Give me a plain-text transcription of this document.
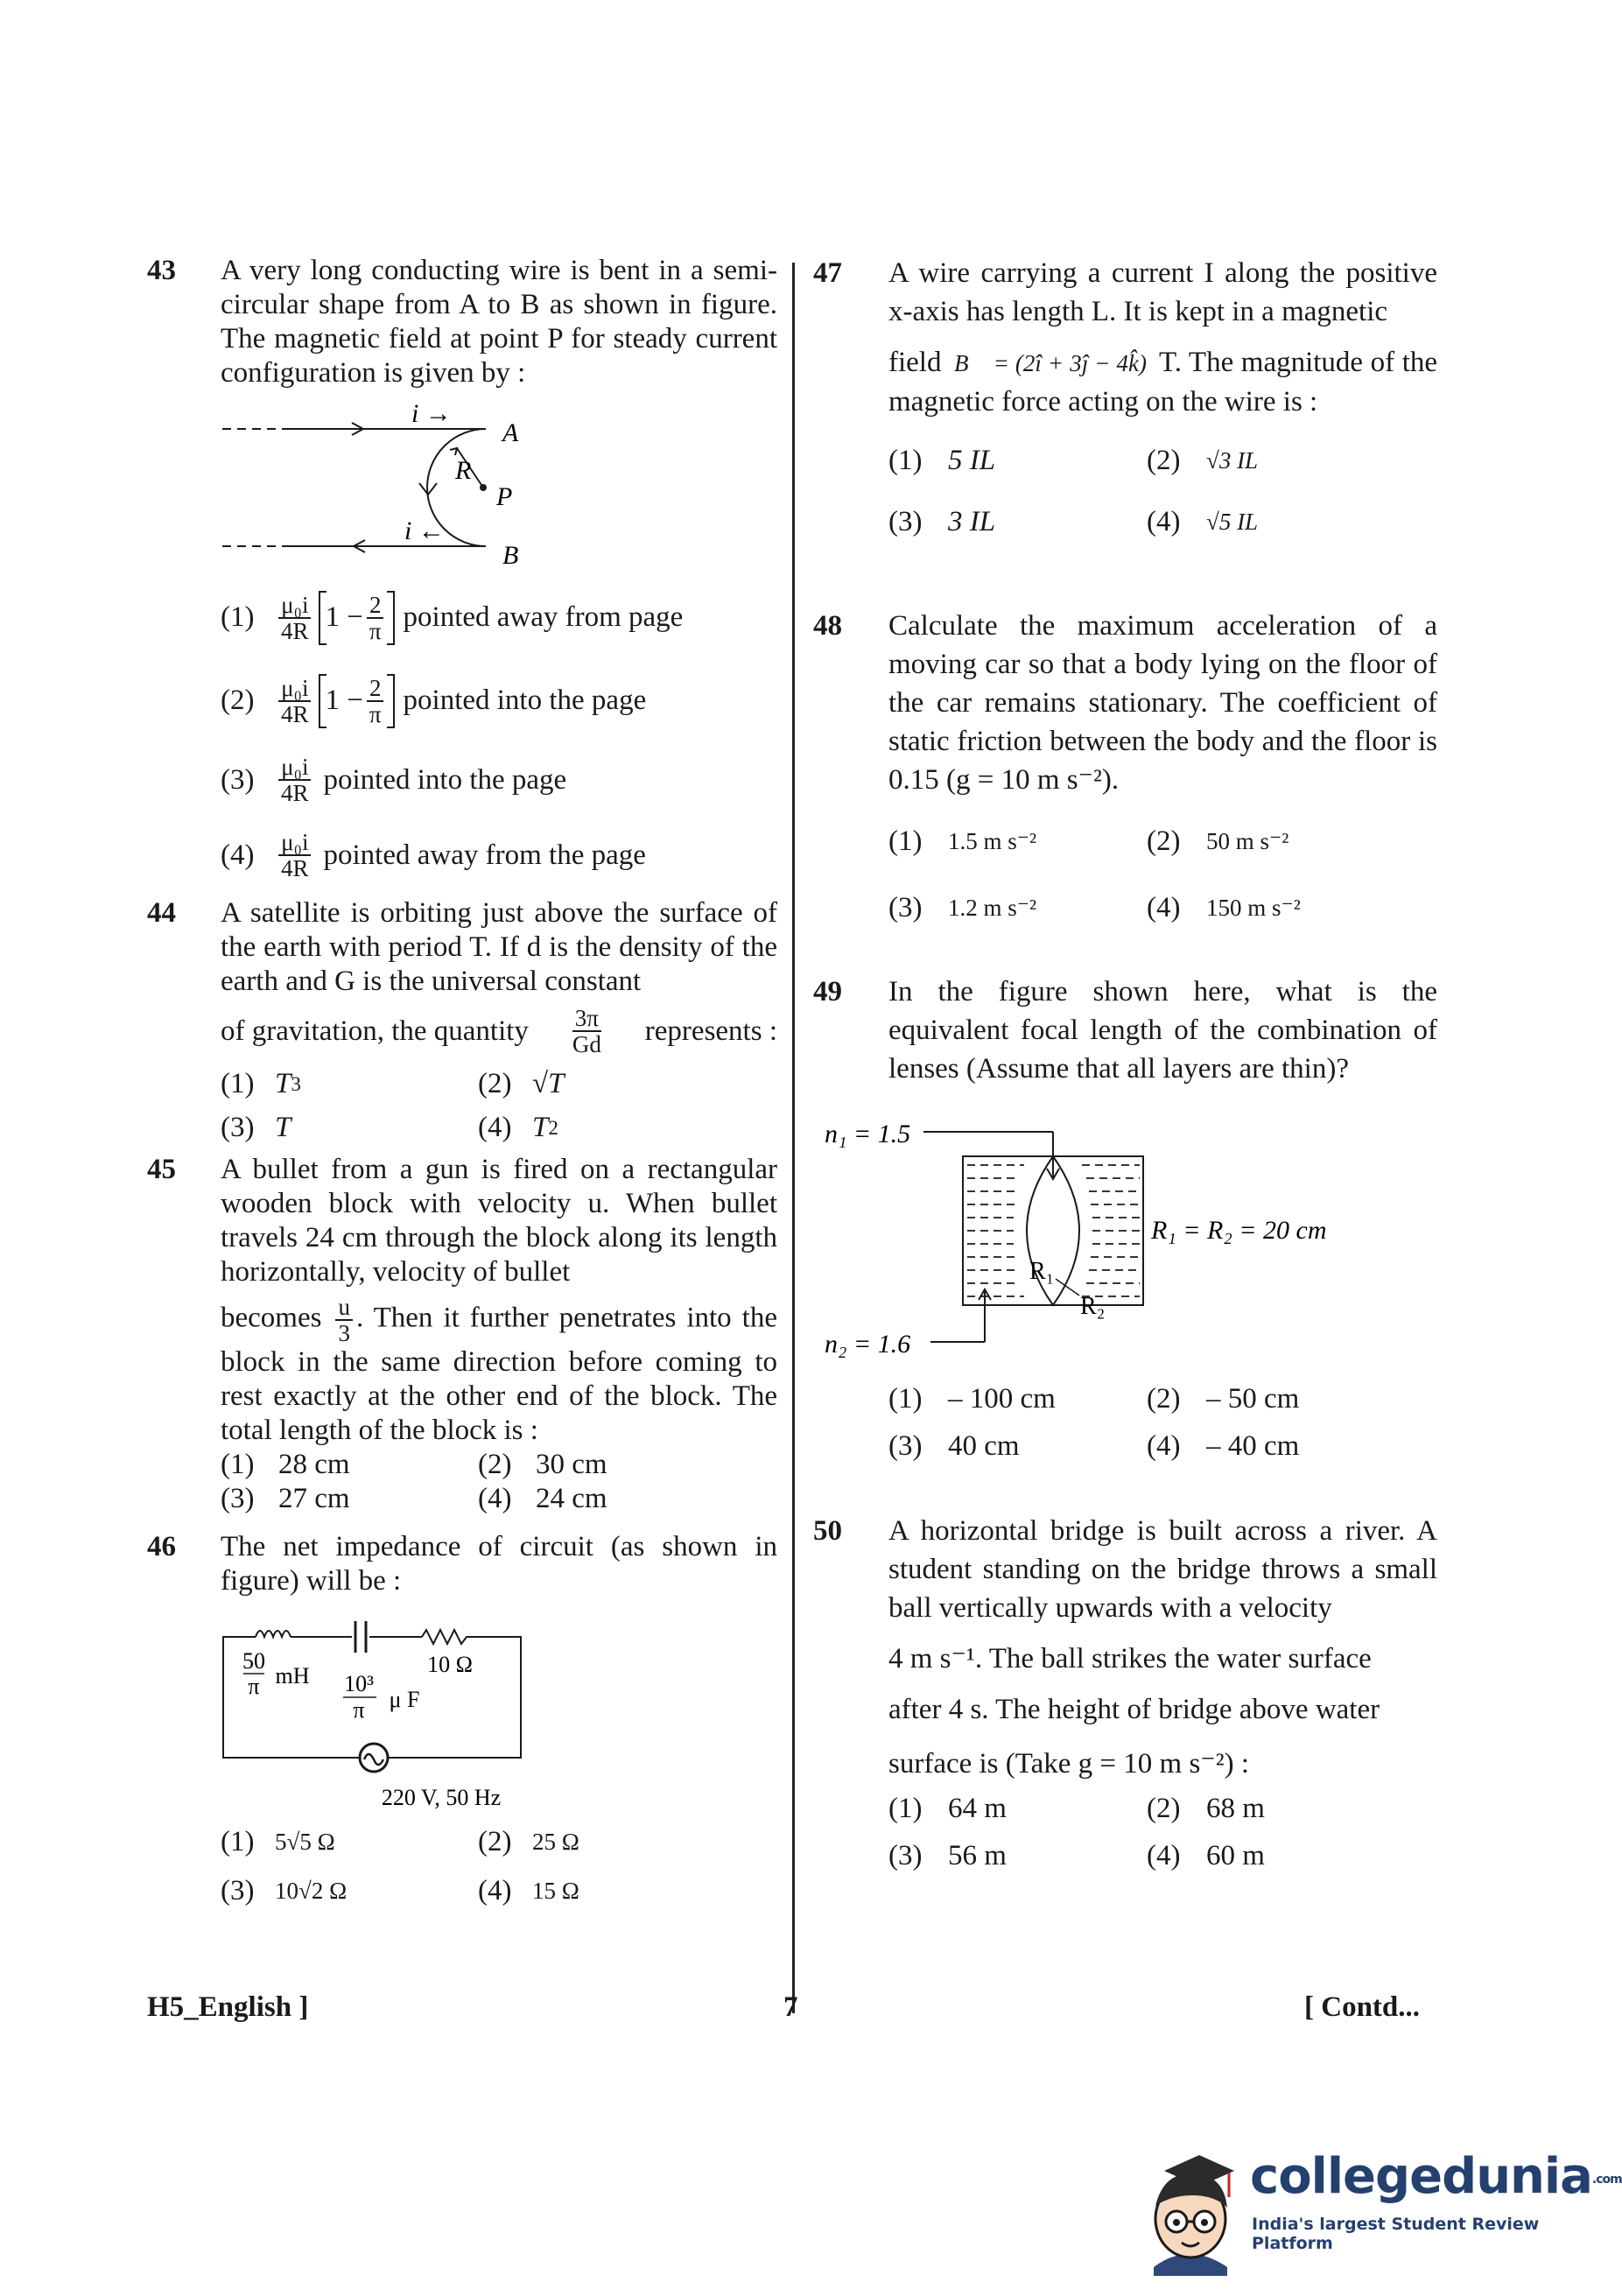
43 A very long conducting wire is bent in a semi-circular shape from A to B as shown in figure. The magnetic field at point P for steady current configuration is given by :
i →
i ←
A
B
R
P
(1)	$\frac{\text{μ₀i}}{4R} 1 - \frac{2}{\pi}$ pointed away from page
(2)	$\frac{\text{μ₀i}}{4R} 1 - \frac{2}{\pi}$ pointed into the page
(3)	$\frac{\text{μ₀i}}{4R}$ pointed into the page
(4)	$\frac{\text{μ₀i}}{4R}$ pointed away from the page
44 A satellite is orbiting just above the surface of the earth with period T. If d is the density of the earth and G is the universal constant
of gravitation, the quantity $\frac{3\pi}{Gd}$ represents :
(1) T 3	(2) √T
(3) T	(4) T 2
45 A bullet from a gun is fired on a rectangular wooden block with velocity u. When bullet travels 24 cm through the block along its length horizontally, velocity of bullet
becomes $\frac{u}{3}$ . Then it further penetrates into the block in the same direction before coming to rest exactly at the other end of the block. The total length of the block is :
(1) 28 cm	(2) 30 cm
(3) 27 cm	(4) 24 cm
46 The net impedance of circuit (as shown in figure) will be :
50
π mH 10³
π μ F
10 Ω
220 V, 50 Hz
(1) 5√5 Ω	(2) 25 Ω
(3) 10√2 Ω	(4) 15 Ω
47 A wire carrying a current I along the positive x-axis has length L. It is kept in a magnetic
field B⃗ = (2î + 3ĵ − 4k̂) T. The magnitude of the magnetic force acting on the wire is :
(1) 5 IL	(2)	√3 IL
(3) 3 IL	(4)	√5 IL
48 Calculate the maximum acceleration of a moving car so that a body lying on the floor of the car remains stationary. The coefficient of static friction between the body and the floor is 0.15 (g = 10 m s⁻²).
(1)	1.5 m s⁻²	(2)	50 m s⁻²
(3)	1.2 m s⁻²	(4)	150 m s⁻²
49 In the figure shown here, what is the equivalent focal length of the combination of lenses (Assume that all layers are thin)?
n₁ = 1.5
n₂ = 1.6
R₁ = R₂ = 20 cm
R₁
R₂
(1) – 100 cm	(2) – 50 cm
(3) 40 cm	(4) – 40 cm
50 A horizontal bridge is built across a river. A student standing on the bridge throws a small ball vertically upwards with a velocity
4 m s⁻¹. The ball strikes the water surface
after 4 s. The height of bridge above water
surface is (Take g = 10 m s⁻²) :
(1) 64 m	(2) 68 m
(3) 56 m	(4) 60 m
H5_English ]	7	[ Contd...
collegedunia.com
India's largest Student Review Platform
